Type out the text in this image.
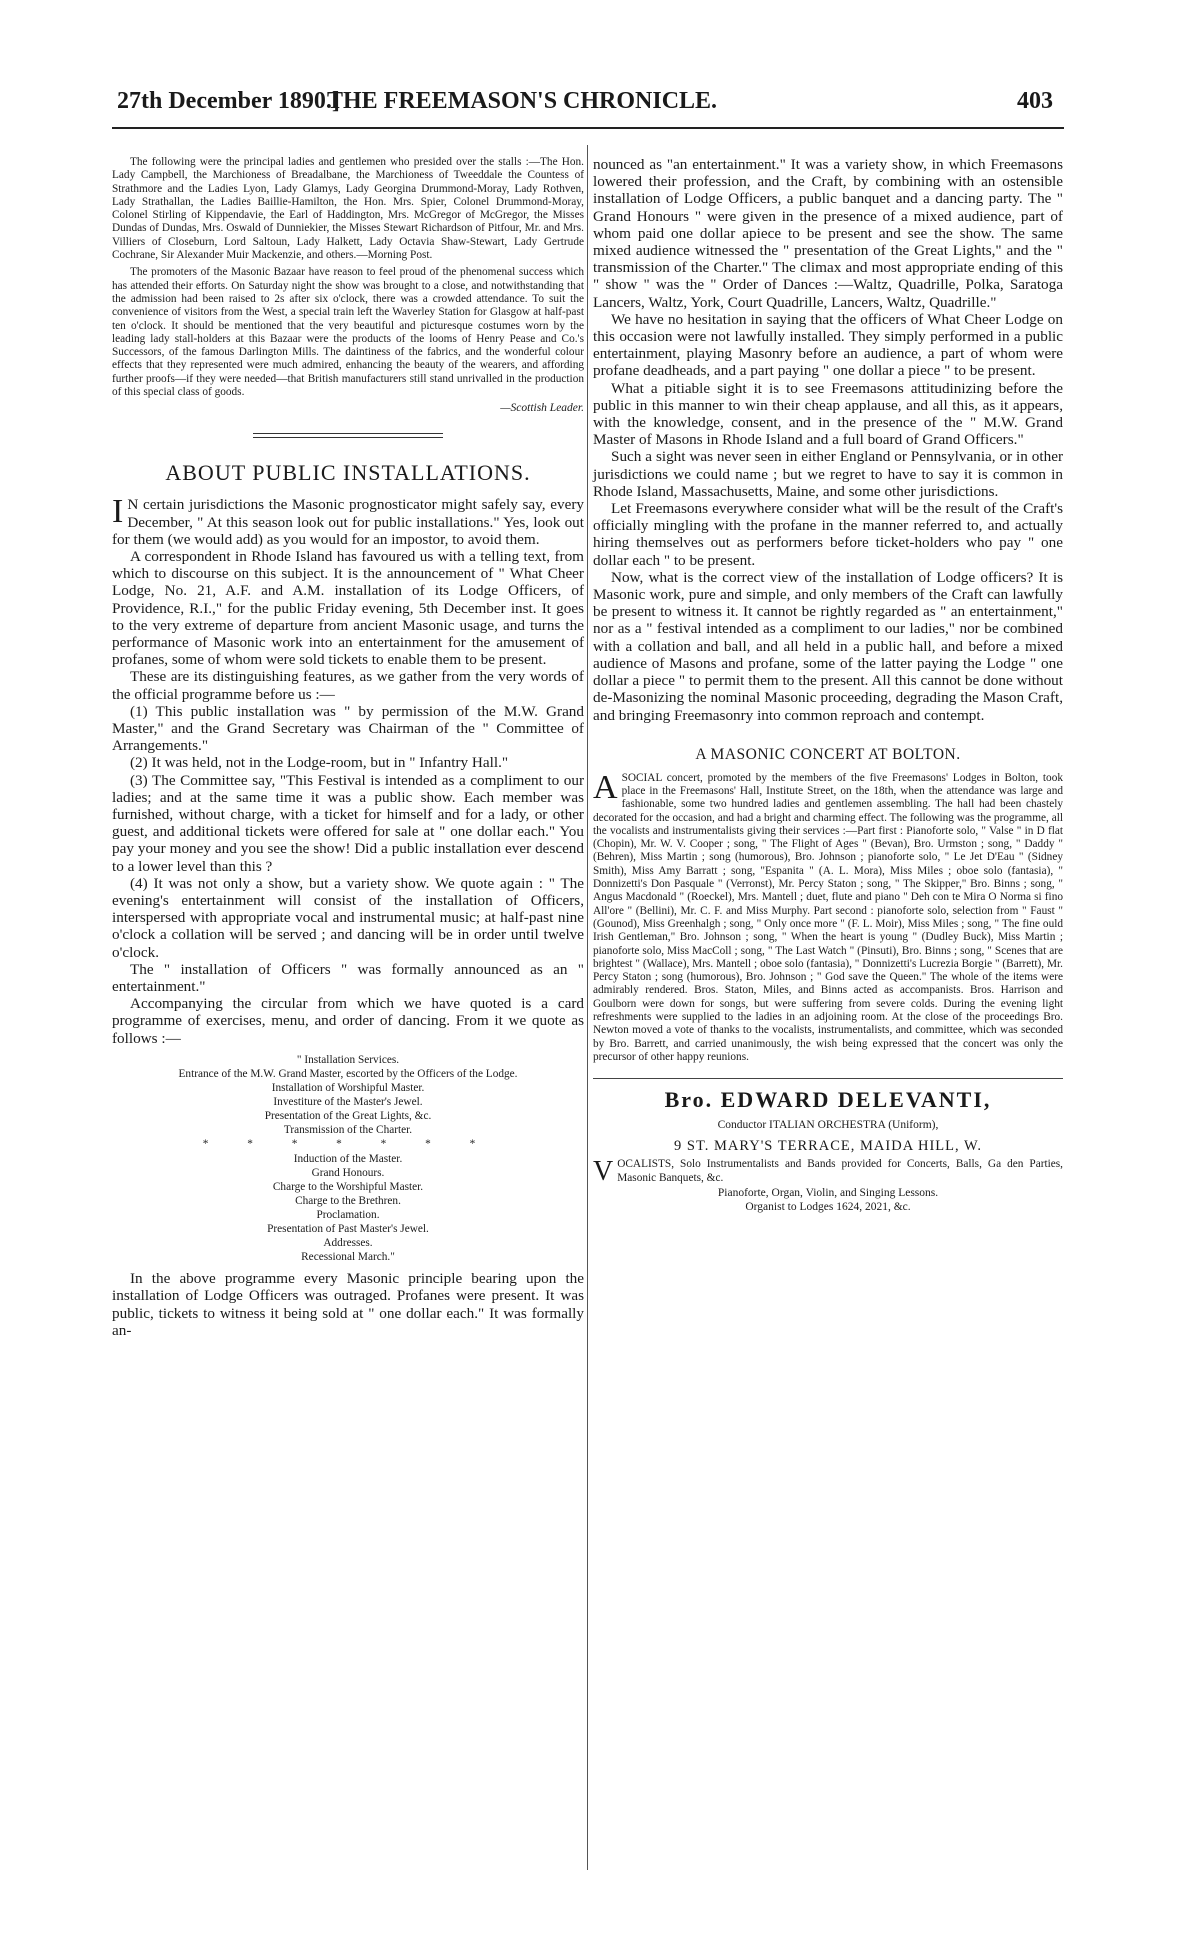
27th December 1890.]
THE FREEMASON'S CHRONICLE.	403

The following were the principal ladies and gentlemen who presided over the stalls :—The Hon. Lady Campbell, the Marchioness of Breadalbane, the Marchioness of Tweeddale the Countess of Strathmore and the Ladies Lyon, Lady Glamys, Lady Georgina Drummond-Moray, Lady Rothven, Lady Strathallan, the Ladies Baillie-Hamilton, the Hon. Mrs. Spier, Colonel Drummond-Moray, Colonel Stirling of Kippendavie, the Earl of Haddington, Mrs. McGregor of McGregor, the Misses Dundas of Dundas, Mrs. Oswald of Dunniekier, the Misses Stewart Richardson of Pitfour, Mr. and Mrs. Villiers of Closeburn, Lord Saltoun, Lady Halkett, Lady Octavia Shaw-Stewart, Lady Gertrude Cochrane, Sir Alexander Muir Mackenzie, and others.—Morning Post.

The promoters of the Masonic Bazaar have reason to feel proud of the phenomenal success which has attended their efforts. On Saturday night the show was brought to a close, and notwithstanding that the admission had been raised to 2s after six o'clock, there was a crowded attendance. To suit the convenience of visitors from the West, a special train left the Waverley Station for Glasgow at half-past ten o'clock. It should be mentioned that the very beautiful and picturesque costumes worn by the leading lady stall-holders at this Bazaar were the products of the looms of Henry Pease and Co.'s Successors, of the famous Darlington Mills. The daintiness of the fabrics, and the wonderful colour effects that they represented were much admired, enhancing the beauty of the wearers, and affording further proofs—if they were needed—that British manufacturers still stand unrivalled in the production of this special class of goods.

—Scottish Leader.
ABOUT PUBLIC INSTALLATIONS.

I N certain jurisdictions the Masonic prognosticator might safely say, every December, " At this season look out for public installations." Yes, look out for them (we would add) as you would for an impostor, to avoid them.

A correspondent in Rhode Island has favoured us with a telling text, from which to discourse on this subject. It is the announcement of " What Cheer Lodge, No. 21, A.F. and A.M. installation of its Lodge Officers, of Providence, R.I.," for the public Friday evening, 5th December inst. It goes to the very extreme of departure from ancient Masonic usage, and turns the performance of Masonic work into an entertainment for the amusement of profanes, some of whom were sold tickets to enable them to be present.

These are its distinguishing features, as we gather from the very words of the official programme before us :—

(1) This public installation was " by permission of the M.W. Grand Master," and the Grand Secretary was Chairman of the " Committee of Arrangements."

(2) It was held, not in the Lodge-room, but in " Infantry Hall."

(3) The Committee say, "This Festival is intended as a compliment to our ladies; and at the same time it was a public show. Each member was furnished, without charge, with a ticket for himself and for a lady, or other guest, and additional tickets were offered for sale at " one dollar each." You pay your money and you see the show! Did a public installation ever descend to a lower level than this ?

(4) It was not only a show, but a variety show. We quote again : " The evening's entertainment will consist of the installation of Officers, interspersed with appropriate vocal and instrumental music; at half-past nine o'clock a collation will be served ; and dancing will be in order until twelve o'clock.

The " installation of Officers " was formally announced as an " entertainment."

Accompanying the circular from which we have quoted is a card programme of exercises, menu, and order of dancing. From it we quote as follows :—

" Installation Services.
Entrance of the M.W. Grand Master, escorted by the Officers of the Lodge.
Installation of Worshipful Master.
Investiture of the Master's Jewel.
Presentation of the Great Lights, &c.
Transmission of the Charter.
* * * * * * *
Induction of the Master.
Grand Honours.
Charge to the Worshipful Master.
Charge to the Brethren.
Proclamation.
Presentation of Past Master's Jewel.
Addresses.
Recessional March."

In the above programme every Masonic principle bearing upon the installation of Lodge Officers was outraged. Profanes were present. It was public, tickets to witness it being sold at " one dollar each." It was formally an-

nounced as "an entertainment." It was a variety show, in which Freemasons lowered their profession, and the Craft, by combining with an ostensible installation of Lodge Officers, a public banquet and a dancing party. The " Grand Honours " were given in the presence of a mixed audience, part of whom paid one dollar apiece to be present and see the show. The same mixed audience witnessed the " presentation of the Great Lights," and the " transmission of the Charter." The climax and most appropriate ending of this " show " was the " Order of Dances :—Waltz, Quadrille, Polka, Saratoga Lancers, Waltz, York, Court Quadrille, Lancers, Waltz, Quadrille."

We have no hesitation in saying that the officers of What Cheer Lodge on this occasion were not lawfully installed. They simply performed in a public entertainment, playing Masonry before an audience, a part of whom were profane deadheads, and a part paying " one dollar a piece " to be present.

What a pitiable sight it is to see Freemasons attitudinizing before the public in this manner to win their cheap applause, and all this, as it appears, with the knowledge, consent, and in the presence of the " M.W. Grand Master of Masons in Rhode Island and a full board of Grand Officers."

Such a sight was never seen in either England or Pennsylvania, or in other jurisdictions we could name ; but we regret to have to say it is common in Rhode Island, Massachusetts, Maine, and some other jurisdictions.

Let Freemasons everywhere consider what will be the result of the Craft's officially mingling with the profane in the manner referred to, and actually hiring themselves out as performers before ticket-holders who pay " one dollar each " to be present.

Now, what is the correct view of the installation of Lodge officers? It is Masonic work, pure and simple, and only members of the Craft can lawfully be present to witness it. It cannot be rightly regarded as " an entertainment," nor as a " festival intended as a compliment to our ladies," nor be combined with a collation and ball, and all held in a public hall, and before a mixed audience of Masons and profane, some of the latter paying the Lodge " one dollar a piece " to permit them to the present. All this cannot be done without de-Masonizing the nominal Masonic proceeding, degrading the Mason Craft, and bringing Freemasonry into common reproach and contempt.

A MASONIC CONCERT AT BOLTON.

ASOCIAL concert, promoted by the members of the five Freemasons' Lodges in Bolton, took place in the Freemasons' Hall, Institute Street, on the 18th, when the attendance was large and fashionable, some two hundred ladies and gentlemen assembling. The hall had been chastely decorated for the occasion, and had a bright and charming effect. The following was the programme, all the vocalists and instrumentalists giving their services :—Part first : Pianoforte solo, " Valse " in D flat (Chopin), Mr. W. V. Cooper ; song, " The Flight of Ages " (Bevan), Bro. Urmston ; song, " Daddy " (Behren), Miss Martin ; song (humorous), Bro. Johnson ; pianoforte solo, " Le Jet D'Eau " (Sidney Smith), Miss Amy Barratt ; song, "Espanita " (A. L. Mora), Miss Miles ; oboe solo (fantasia), " Donnizetti's Don Pasquale " (Verronst), Mr. Percy Staton ; song, " The Skipper," Bro. Binns ; song, " Angus Macdonald " (Roeckel), Mrs. Mantell ; duet, flute and piano " Deh con te Mira O Norma si fino All'ore " (Bellini), Mr. C. F. and Miss Murphy. Part second : pianoforte solo, selection from " Faust " (Gounod), Miss Greenhalgh ; song, " Only once more " (F. L. Moir), Miss Miles ; song, " The fine ould Irish Gentleman," Bro. Johnson ; song, " When the heart is young " (Dudley Buck), Miss Martin ; pianoforte solo, Miss MacColl ; song, " The Last Watch " (Pinsuti), Bro. Binns ; song, " Scenes that are brightest " (Wallace), Mrs. Mantell ; oboe solo (fantasia), " Donnizetti's Lucrezia Borgie " (Barrett), Mr. Percy Staton ; song (humorous), Bro. Johnson ; " God save the Queen." The whole of the items were admirably rendered. Bros. Staton, Miles, and Binns acted as accompanists. Bros. Harrison and Goulborn were down for songs, but were suffering from severe colds. During the evening light refreshments were supplied to the ladies in an adjoining room. At the close of the proceedings Bro. Newton moved a vote of thanks to the vocalists, instrumentalists, and committee, which was seconded by Bro. Barrett, and carried unanimously, the wish being expressed that the concert was only the precursor of other happy reunions.

Bro. EDWARD DELEVANTI,
Conductor ITALIAN ORCHESTRA (Uniform),
9 ST. MARY'S TERRACE, MAIDA HILL, W.

VOCALISTS, Solo Instrumentalists and Bands provided for Concerts, Balls, Ga den Parties, Masonic Banquets, &c.

Pianoforte, Organ, Violin, and Singing Lessons.
Organist to Lodges 1624, 2021, &c.
